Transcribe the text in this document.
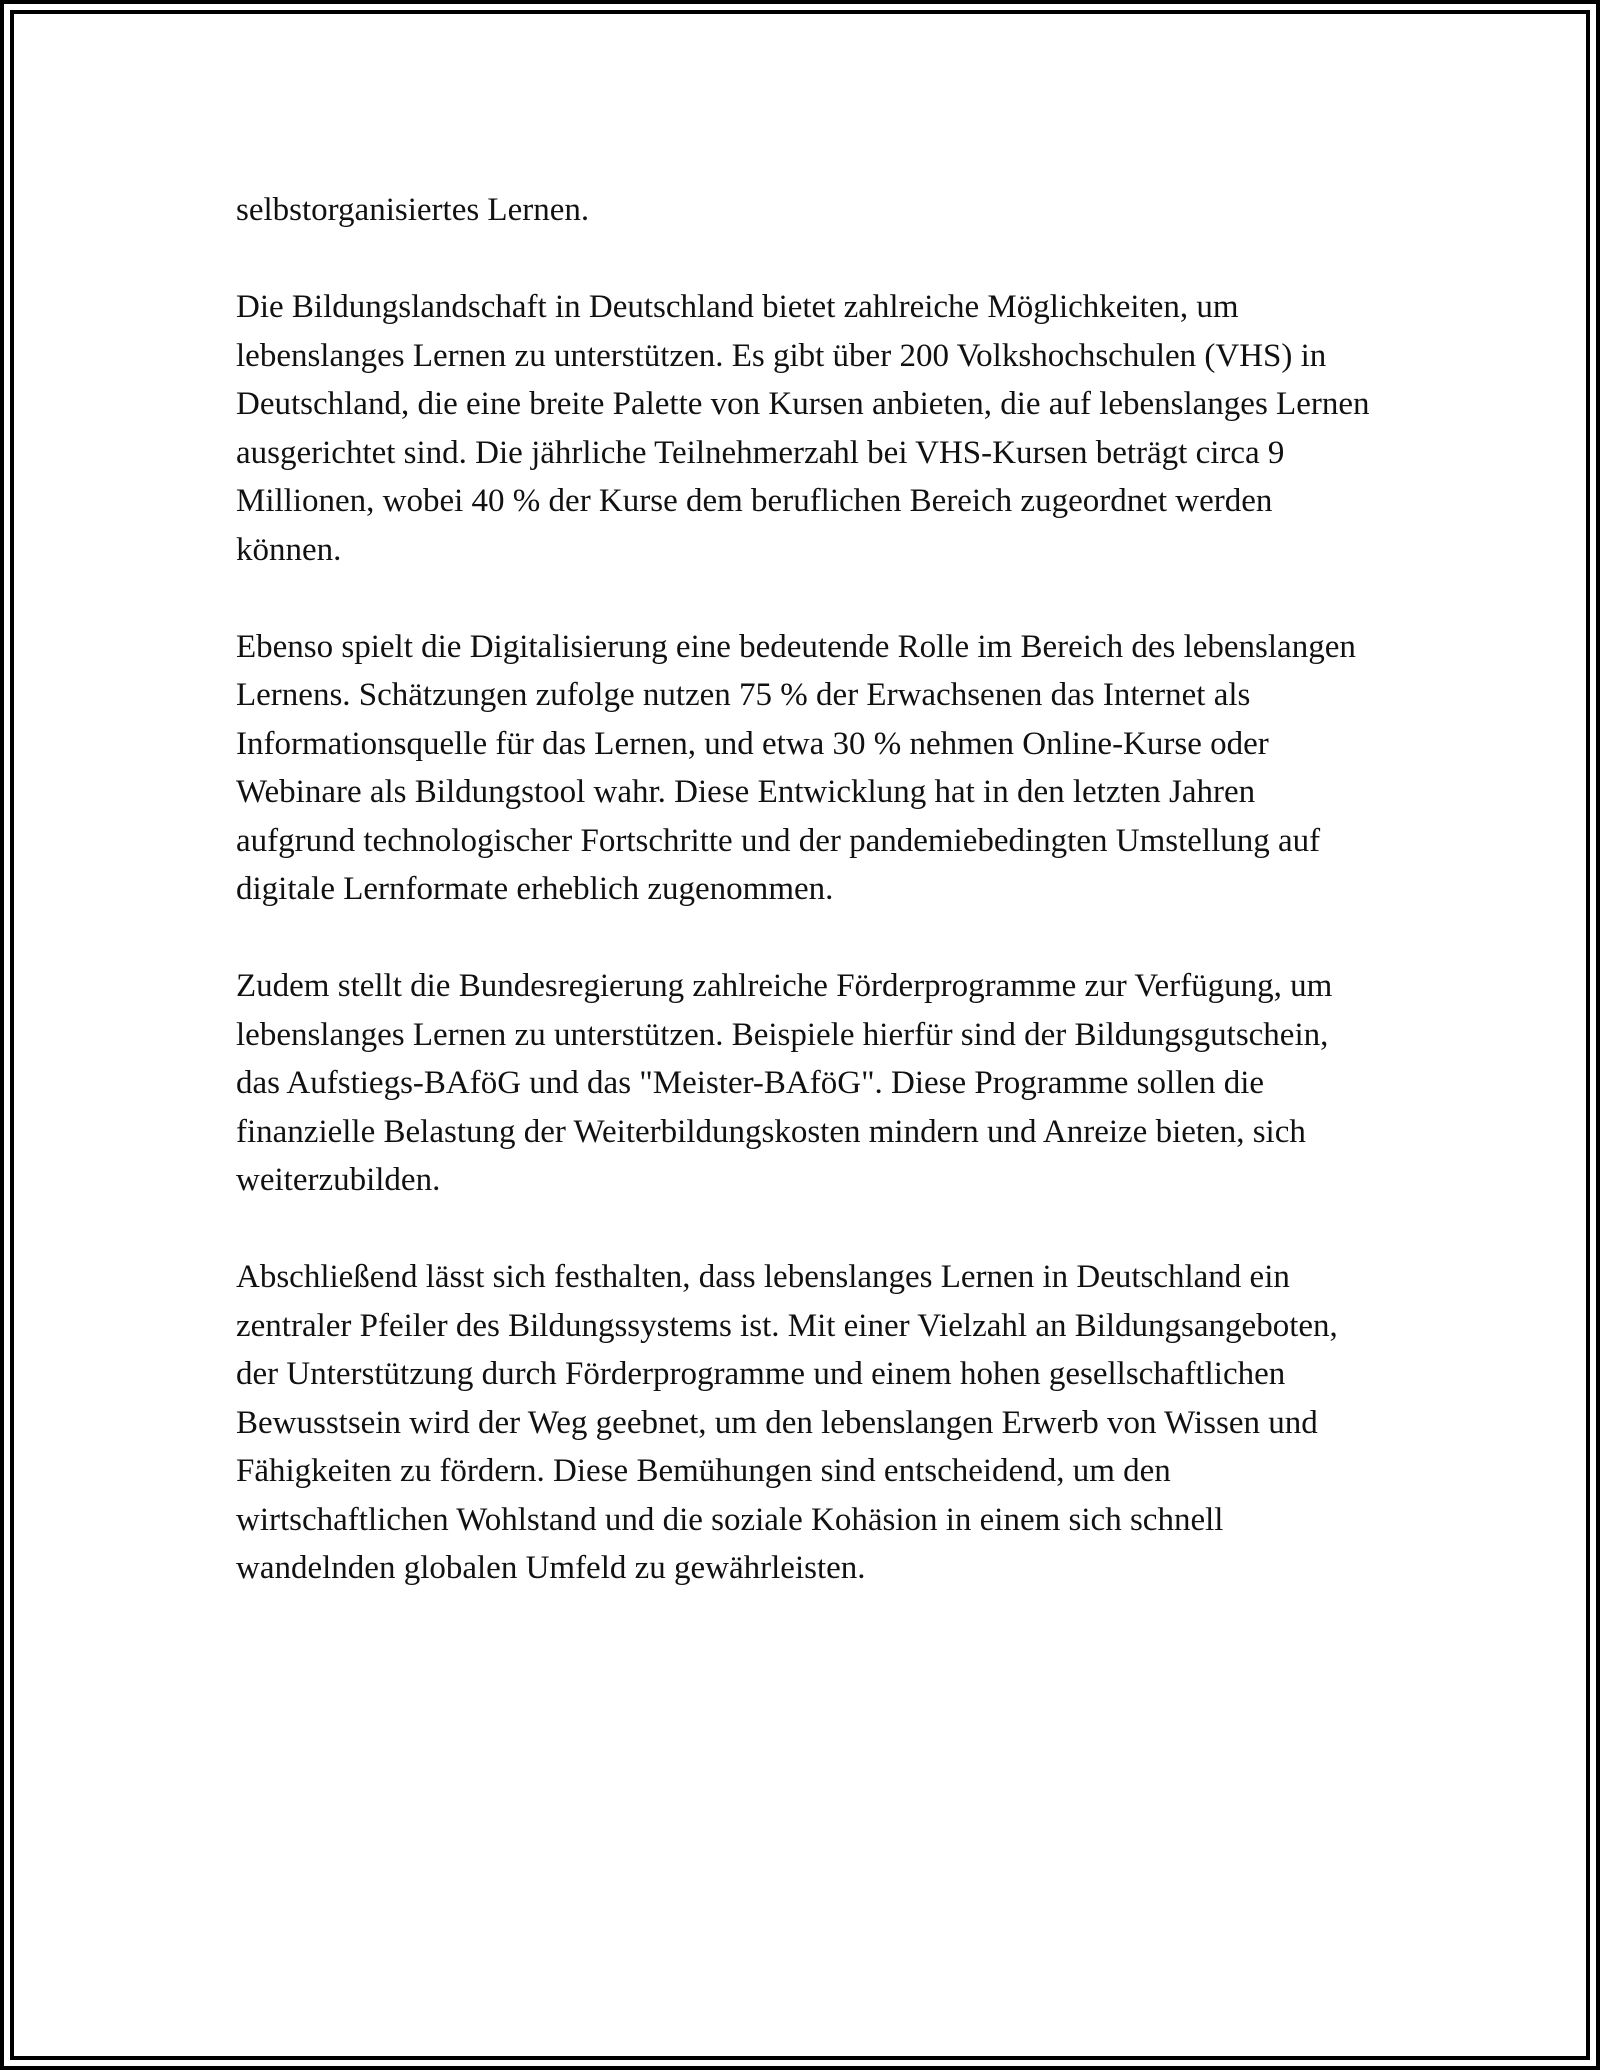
selbstorganisiertes Lernen.

Die Bildungslandschaft in Deutschland bietet zahlreiche Möglichkeiten, um lebenslanges Lernen zu unterstützen. Es gibt über 200 Volkshochschulen (VHS) in Deutschland, die eine breite Palette von Kursen anbieten, die auf lebenslanges Lernen ausgerichtet sind. Die jährliche Teilnehmerzahl bei VHS-Kursen beträgt circa 9 Millionen, wobei 40 % der Kurse dem beruflichen Bereich zugeordnet werden können.

Ebenso spielt die Digitalisierung eine bedeutende Rolle im Bereich des lebenslangen Lernens. Schätzungen zufolge nutzen 75 % der Erwachsenen das Internet als Informationsquelle für das Lernen, und etwa 30 % nehmen Online-Kurse oder Webinare als Bildungstool wahr. Diese Entwicklung hat in den letzten Jahren aufgrund technologischer Fortschritte und der pandemiebedingten Umstellung auf digitale Lernformate erheblich zugenommen.

Zudem stellt die Bundesregierung zahlreiche Förderprogramme zur Verfügung, um lebenslanges Lernen zu unterstützen. Beispiele hierfür sind der Bildungsgutschein, das Aufstiegs-BAföG und das "Meister-BAföG". Diese Programme sollen die finanzielle Belastung der Weiterbildungskosten mindern und Anreize bieten, sich weiterzubilden.

Abschließend lässt sich festhalten, dass lebenslanges Lernen in Deutschland ein zentraler Pfeiler des Bildungssystems ist. Mit einer Vielzahl an Bildungsangeboten, der Unterstützung durch Förderprogramme und einem hohen gesellschaftlichen Bewusstsein wird der Weg geebnet, um den lebenslangen Erwerb von Wissen und Fähigkeiten zu fördern. Diese Bemühungen sind entscheidend, um den wirtschaftlichen Wohlstand und die soziale Kohäsion in einem sich schnell wandelnden globalen Umfeld zu gewährleisten.
